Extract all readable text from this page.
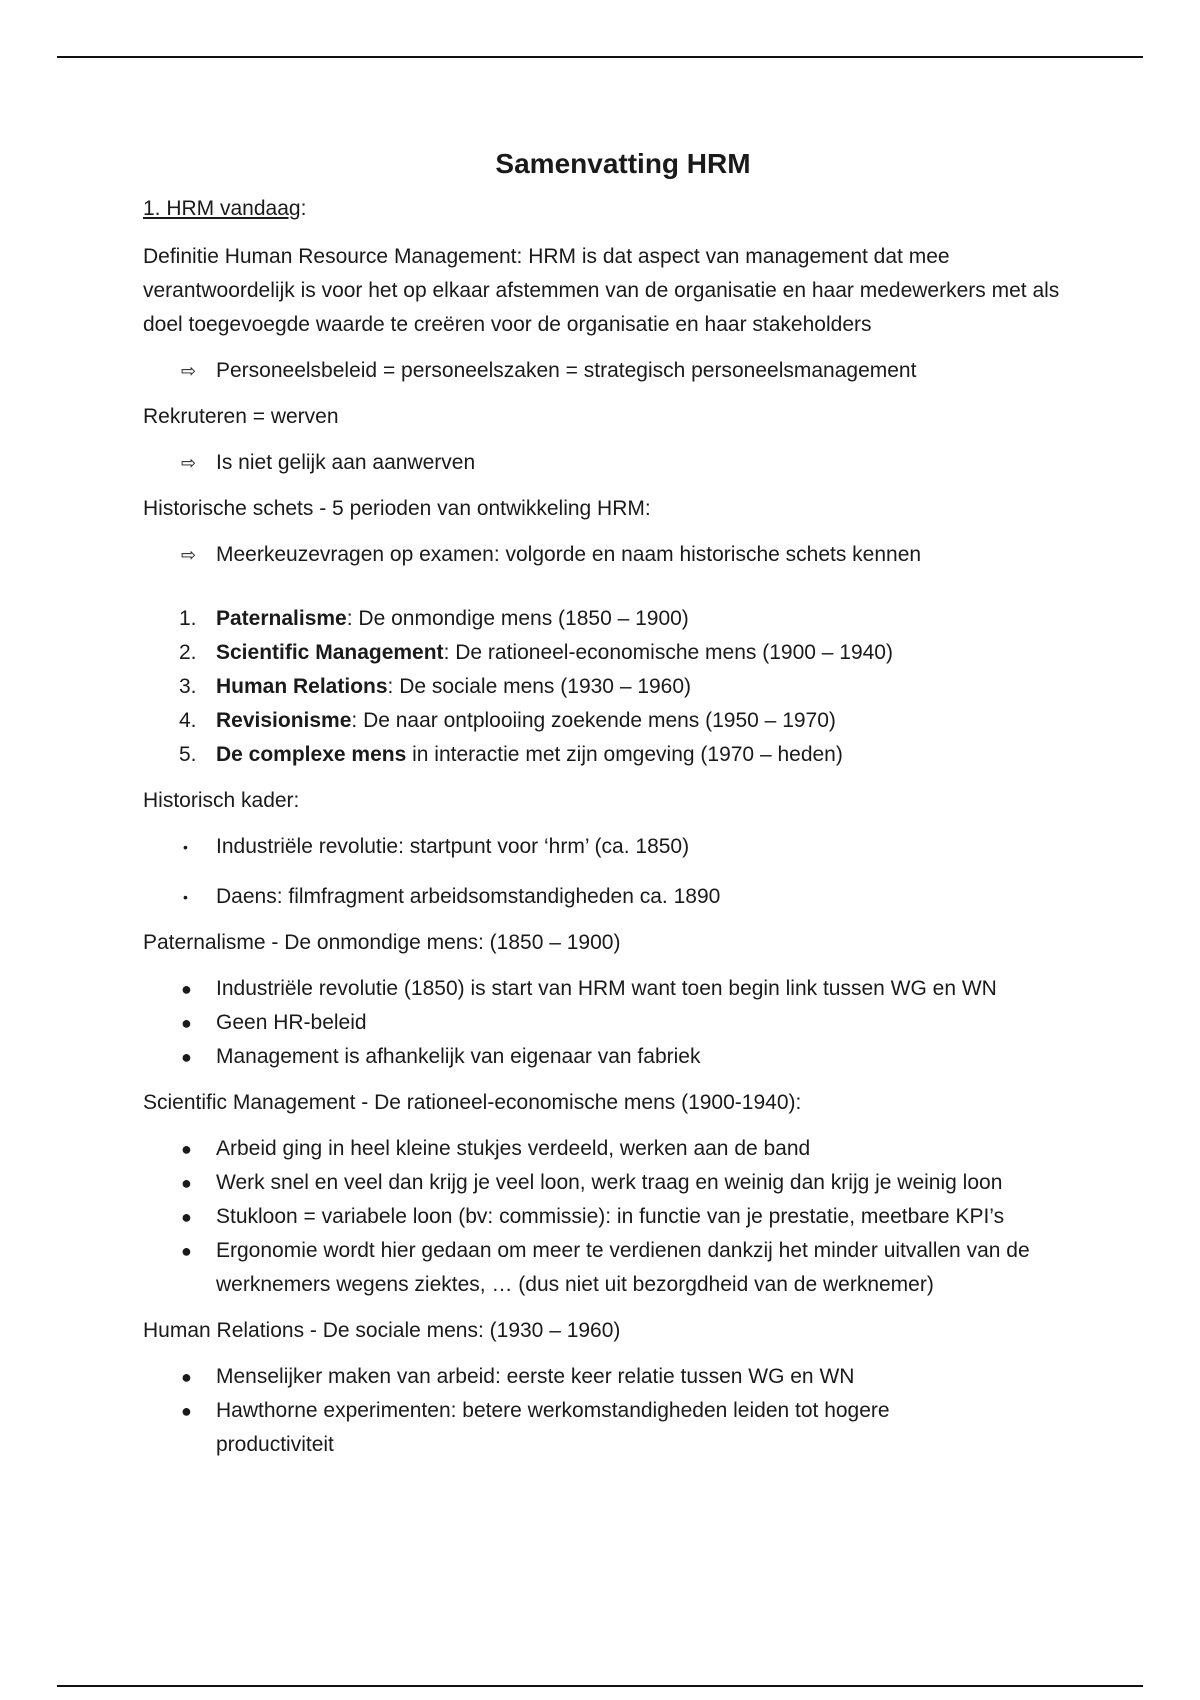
Samenvatting HRM

1. HRM vandaag:

Definitie Human Resource Management: HRM is dat aspect van management dat mee verantwoordelijk is voor het op elkaar afstemmen van de organisatie en haar medewerkers met als doel toegevoegde waarde te creëren voor de organisatie en haar stakeholders

⇨ Personeelsbeleid = personeelszaken = strategisch personeelsmanagement

Rekruteren = werven

⇨ Is niet gelijk aan aanwerven

Historische schets - 5 perioden van ontwikkeling HRM:

⇨ Meerkeuzevragen op examen: volgorde en naam historische schets kennen

1. Paternalisme: De onmondige mens (1850 – 1900)
2. Scientific Management: De rationeel-economische mens (1900 – 1940)
3. Human Relations: De sociale mens (1930 – 1960)
4. Revisionisme: De naar ontplooiing zoekende mens (1950 – 1970)
5. De complexe mens in interactie met zijn omgeving (1970 – heden)

Historisch kader:

• Industriële revolutie: startpunt voor ‘hrm’ (ca. 1850)
• Daens: filmfragment arbeidsomstandigheden ca. 1890

Paternalisme - De onmondige mens: (1850 – 1900)

● Industriële revolutie (1850) is start van HRM want toen begin link tussen WG en WN
● Geen HR-beleid
● Management is afhankelijk van eigenaar van fabriek

Scientific Management - De rationeel-economische mens (1900-1940):

● Arbeid ging in heel kleine stukjes verdeeld, werken aan de band
● Werk snel en veel dan krijg je veel loon, werk traag en weinig dan krijg je weinig loon
● Stukloon = variabele loon (bv: commissie): in functie van je prestatie, meetbare KPI’s
● Ergonomie wordt hier gedaan om meer te verdienen dankzij het minder uitvallen van de werknemers wegens ziektes, … (dus niet uit bezorgdheid van de werknemer)

Human Relations - De sociale mens: (1930 – 1960)

● Menselijker maken van arbeid: eerste keer relatie tussen WG en WN
● Hawthorne experimenten: betere werkomstandigheden leiden tot hogere productiviteit
